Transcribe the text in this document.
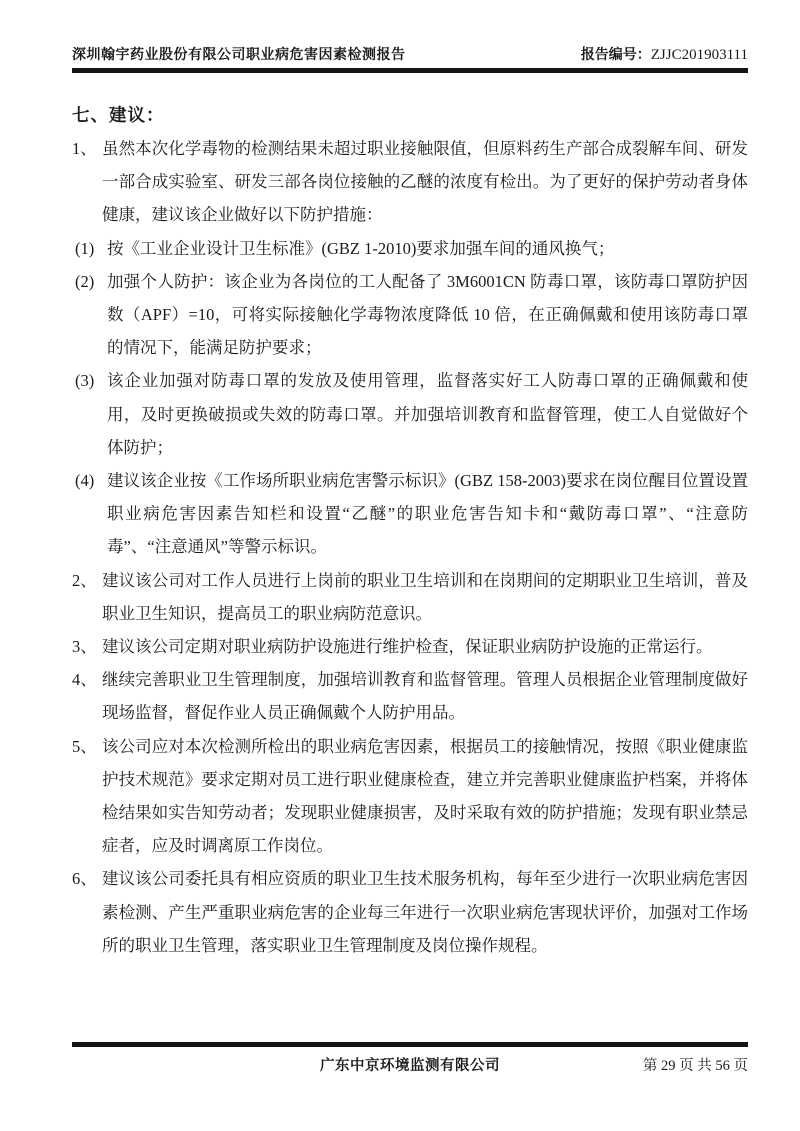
深圳翰宇药业股份有限公司职业病危害因素检测报告	报告编号：ZJJC201903111
七、建议：
1、 虽然本次化学毒物的检测结果未超过职业接触限值，但原料药生产部合成裂解车间、研发一部合成实验室、研发三部各岗位接触的乙醚的浓度有检出。为了更好的保护劳动者身体健康，建议该企业做好以下防护措施：
(1) 按《工业企业设计卫生标准》(GBZ 1-2010)要求加强车间的通风换气；
(2) 加强个人防护：该企业为各岗位的工人配备了 3M6001CN 防毒口罩，该防毒口罩防护因数（APF）=10，可将实际接触化学毒物浓度降低 10 倍，在正确佩戴和使用该防毒口罩的情况下，能满足防护要求；
(3) 该企业加强对防毒口罩的发放及使用管理，监督落实好工人防毒口罩的正确佩戴和使用，及时更换破损或失效的防毒口罩。并加强培训教育和监督管理，使工人自觉做好个体防护；
(4) 建议该企业按《工作场所职业病危害警示标识》(GBZ 158-2003)要求在岗位醒目位置设置职业病危害因素告知栏和设置“乙醚”的职业危害告知卡和“戴防毒口罩”、“注意防毒”、“注意通风”等警示标识。
2、 建议该公司对工作人员进行上岗前的职业卫生培训和在岗期间的定期职业卫生培训，普及职业卫生知识，提高员工的职业病防范意识。
3、 建议该公司定期对职业病防护设施进行维护检查，保证职业病防护设施的正常运行。
4、 继续完善职业卫生管理制度，加强培训教育和监督管理。管理人员根据企业管理制度做好现场监督，督促作业人员正确佩戴个人防护用品。
5、 该公司应对本次检测所检出的职业病危害因素，根据员工的接触情况，按照《职业健康监护技术规范》要求定期对员工进行职业健康检查，建立并完善职业健康监护档案，并将体检结果如实告知劳动者；发现职业健康损害，及时采取有效的防护措施；发现有职业禁忌症者，应及时调离原工作岗位。
6、 建议该公司委托具有相应资质的职业卫生技术服务机构，每年至少进行一次职业病危害因素检测、产生严重职业病危害的企业每三年进行一次职业病危害现状评价，加强对工作场所的职业卫生管理，落实职业卫生管理制度及岗位操作规程。
广东中京环境监测有限公司	第 29 页 共 56 页
